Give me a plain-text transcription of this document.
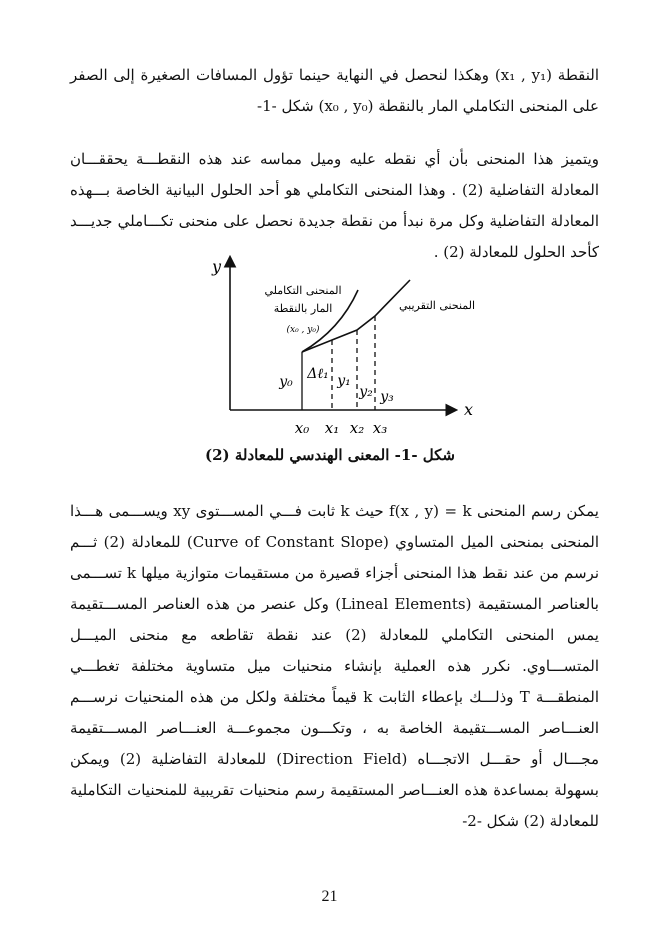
النقطة (x₁ , y₁) وهكذا لنحصل في النهاية حينما تؤول المسافات الصغيرة إلى الصفر على المنحنى التكاملي المار بالنقطة (x₀ , y₀) شكل -1-

ويتميز هذا المنحنى بأن أي نقطه عليه وميل مماسه عند هذه النقطـــة يحققـــان المعادلة التفاضلية (2) . وهذا المنحنى التكاملي هو أحد الحلول البيانية الخاصة بـــهذه المعادلة التفاضلية وكل مرة نبدأ من نقطة جديدة نحصل على منحنى تكـــاملي جديـــد كأحد الحلول للمعادلة (2) .

y
x
المنحنى التكاملي
المار بالنقطة
(x₀ , y₀)
المنحنى التقريبي
y₀ Δℓ₁ y₁
y₂ y₃
x₀ x₁ x₂ x₃
شكل -1- المعنى الهندسي للمعادلة (2)

يمكن رسم المنحنى f(x , y) = k حيث k ثابت فـــي المســـتوى xy ويســـمى هـــذا المنحنى بمنحنى الميل المتساوي (Curve of Constant Slope) للمعادلة (2) ثـــم نرسم من عند نقط هذا المنحنى أجزاء قصيرة من مستقيمات متوازية ميلها k تســـمى بالعناصر المستقيمة (Lineal Elements) وكل عنصر من هذه العناصر المســـتقيمة يمس المنحنى التكاملي للمعادلة (2) عند نقطة تقاطعه مع منحنى الميـــل المتســـاوي. نكرر هذه العملية بإنشاء منحنيات ميل متساوية مختلفة تغطـــي المنطقـــة T وذلـــك بإعطاء الثابت k قيماً مختلفة ولكل من هذه المنحنيات نرســـم العنـــاصر المســـتقيمة الخاصة به ، وتكـــون مجموعـــة العنـــاصر المســـتقيمة مجـــال أو حقـــل الاتجـــاه (Direction Field) للمعادلة التفاضلية (2) ويمكن بسهولة بمساعدة هذه العنـــاصر المستقيمة رسم منحنيات تقريبية للمنحنيات التكاملية للمعادلة (2) شكل -2-

21
